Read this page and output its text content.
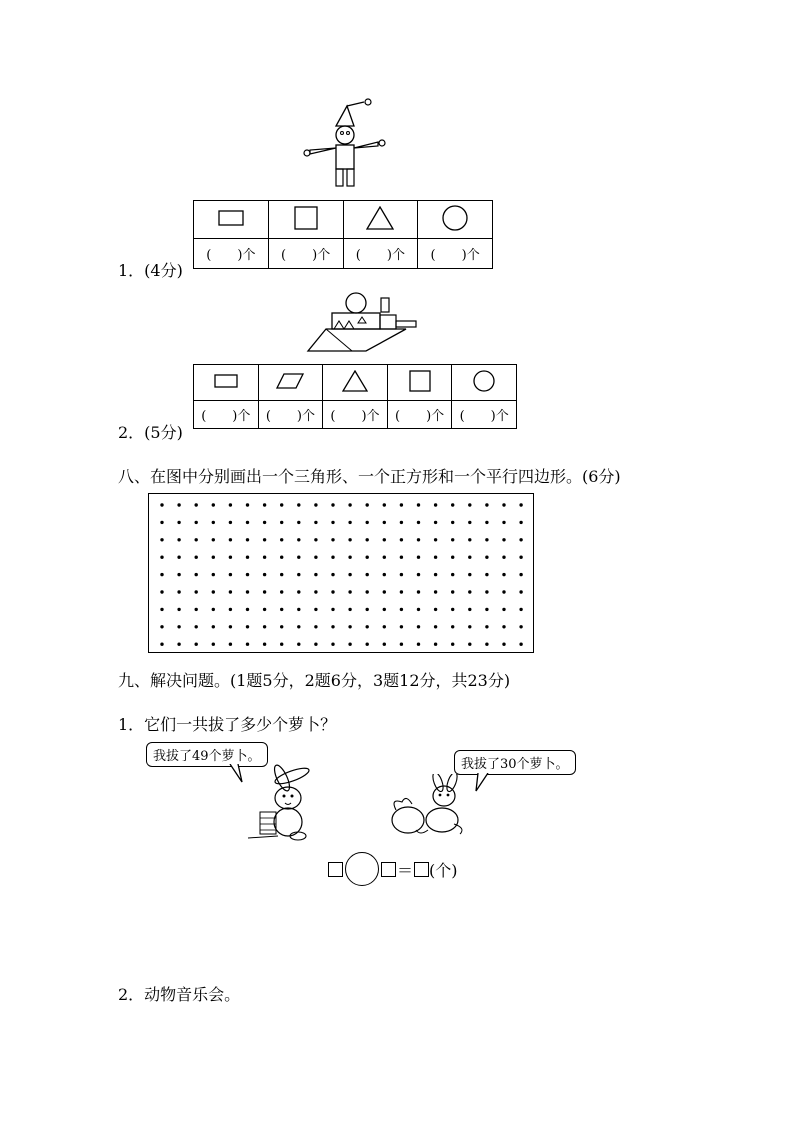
1．(4分)

(　　)个	(　　)个	(　　)个	(　　)个
2．(5分)

(　　)个	(　　)个	(　　)个	(　　)个	(　　)个
八、在图中分别画出一个三角形、一个正方形和一个平行四边形。(6分)
九、解决问题。(1题5分，2题6分，3题12分，共23分)
1．它们一共拔了多少个萝卜？
我拔了49个萝卜。
我拔了30个萝卜。
＝ (个)
2．动物音乐会。
